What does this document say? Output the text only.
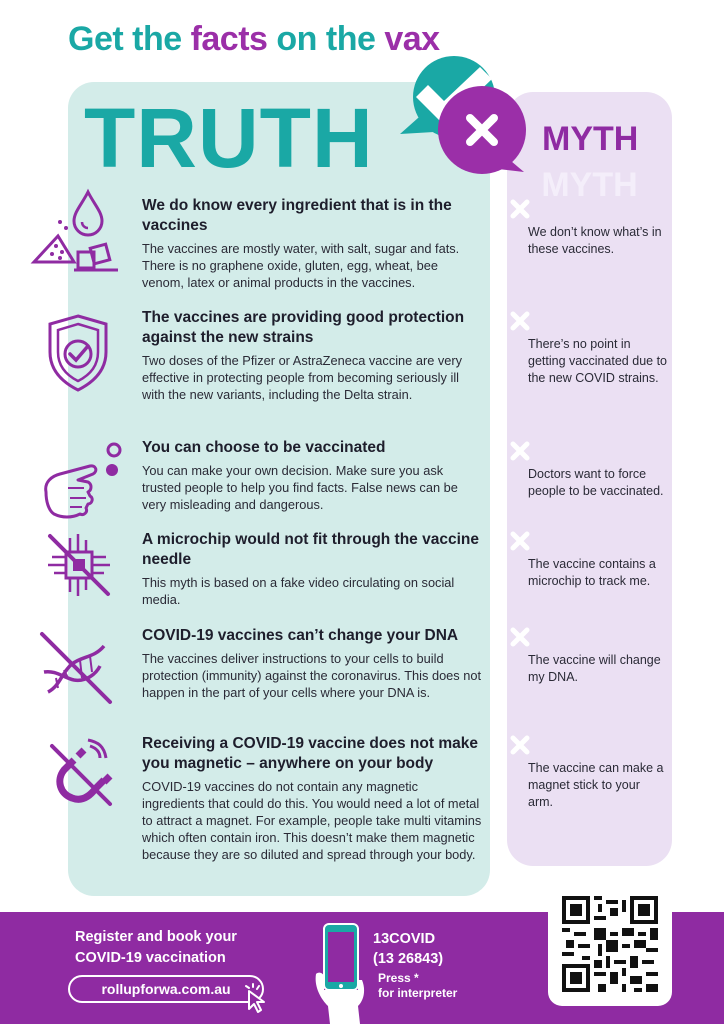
Get the facts on the vax
TRUTH	MYTH
MYTH
We do know every ingredient that is in the vaccines
The vaccines are mostly water, with salt, sugar and fats. There is no graphene oxide, gluten, egg, wheat, bee venom, latex or animal products in the vaccines.
The vaccines are providing good protection against the new strains
Two doses of the Pfizer or AstraZeneca vaccine are very effective in protecting people from becoming seriously ill with the new variants, including the Delta strain.
You can choose to be vaccinated
You can make your own decision. Make sure you ask trusted people to help you find facts. False news can be very misleading and dangerous.
A microchip would not fit through the vaccine needle
This myth is based on a fake video circulating on social media.
COVID-19 vaccines can’t change your DNA
The vaccines deliver instructions to your cells to build protection (immunity) against the coronavirus. This does not happen in the part of your cells where your DNA is.
Receiving a COVID-19 vaccine does not make you magnetic – anywhere on your body
COVID-19 vaccines do not contain any magnetic ingredients that could do this. You would need a lot of metal to attract a magnet. For example, people take multi vitamins which often contain iron. This doesn’t make them magnetic because they are so diluted and spread through your body.
We don’t know what’s in these vaccines.
There’s no point in getting vaccinated due to the new COVID strains.
Doctors want to force people to be vaccinated.
The vaccine contains a microchip to track me.
The vaccine will change my DNA.
The vaccine can make a magnet stick to your arm.
Register and book your
COVID-19 vaccination
rollupforwa.com.au
13COVID
(13 26843)
Press *
for interpreter
